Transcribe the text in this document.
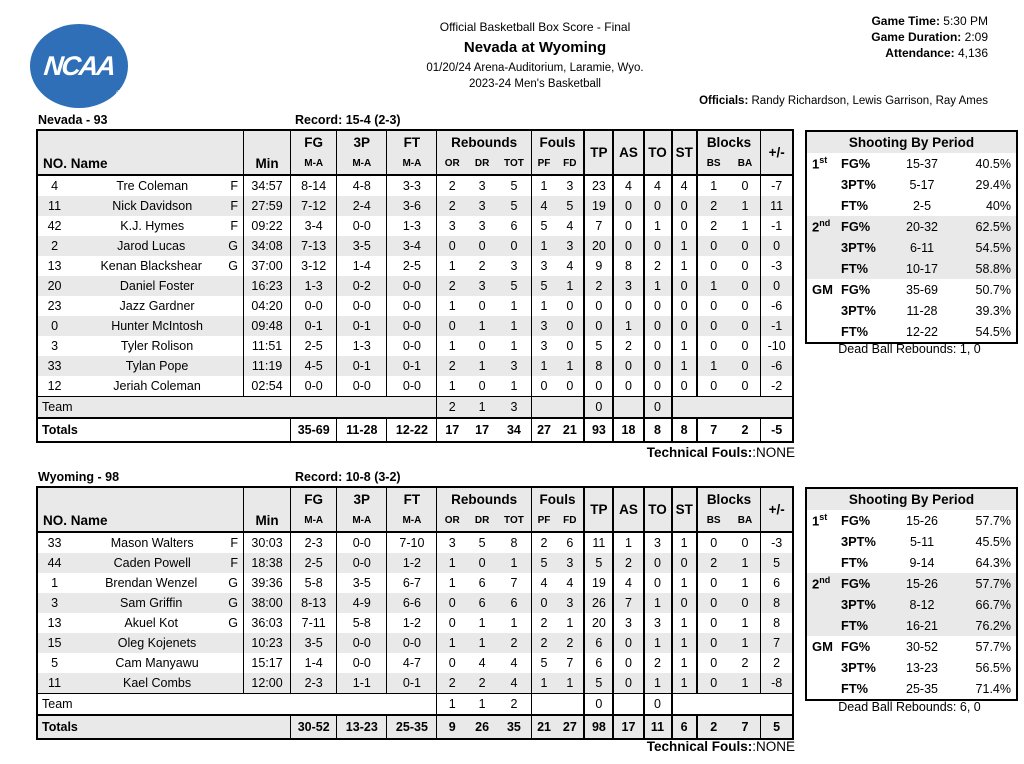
NCAA
®
Official Basketball Box Score - Final
Nevada at Wyoming
01/20/24 Arena-Auditorium, Laramie, Wyo.
2023-24 Men's Basketball
Game Time: 5:30 PM
Game Duration: 2:09
Attendance: 4,136
Officials: Randy Richardson, Lewis Garrison, Ray Ames
Nevada - 93	Record: 15-4 (2-3)
NO. Name		Min	FG	3P	FT	Rebounds			Fouls		TP	AS	TO	ST	Blocks		+/-
			M-A	M-A	M-A	OR	DR	TOT	PF	FD					BS	BA	
4	Tre Coleman F	34:57	8-14	4-8	3-3	2	3	5	1	3	23	4	4	4	1	0	-7
11	Nick Davidson F	27:59	7-12	2-4	3-6	2	3	5	4	5	19	0	0	0	2	1	11
42	K.J. Hymes F	09:22	3-4	0-0	1-3	3	3	6	5	4	7	0	1	0	2	1	-1
2	Jarod Lucas G	34:08	7-13	3-5	3-4	0	0	0	1	3	20	0	0	1	0	0	0
13	Kenan Blackshear G	37:00	3-12	1-4	2-5	1	2	3	3	4	9	8	2	1	0	0	-3
20	Daniel Foster	16:23	1-3	0-2	0-0	2	3	5	5	1	2	3	1	0	1	0	0
23	Jazz Gardner	04:20	0-0	0-0	0-0	1	0	1	1	0	0	0	0	0	0	0	-6
0	Hunter McIntosh	09:48	0-1	0-1	0-0	0	1	1	3	0	0	1	0	0	0	0	-1
3	Tyler Rolison	11:51	2-5	1-3	0-0	1	0	1	3	0	5	2	0	1	0	0	-10
33	Tylan Pope	11:19	4-5	0-1	0-1	2	1	3	1	1	8	0	0	1	1	0	-6
12	Jeriah Coleman	02:54	0-0	0-0	0-0	1	0	1	0	0	0	0	0	0	0	0	-2
Team						2	1	3			0		0				
Totals			35-69	11-28	12-22	17	17	34	27	21	93	18	8	8	7	2	-5
Shooting By Period
1st	FG%	15-37	40.5%
3PT%	5-17	29.4%
FT%	2-5	40%
2nd FG%	20-32	62.5%
3PT%	6-11	54.5%
FT%	10-17	58.8%
GM FG%	35-69	50.7%
3PT%	11-28	39.3%
FT%	12-22	54.5%
Dead Ball Rebounds: 1, 0
Technical Fouls::NONE
Wyoming - 98	Record: 10-8 (3-2)
NO. Name		Min	FG	3P	FT	Rebounds			Fouls		TP	AS	TO	ST	Blocks		+/-
			M-A	M-A	M-A	OR	DR	TOT	PF	FD					BS	BA	
33	Mason Walters F	30:03	2-3	0-0	7-10	3	5	8	2	6	11	1	3	1	0	0	-3
44	Caden Powell F	18:38	2-5	0-0	1-2	1	0	1	5	3	5	2	0	0	2	1	5
1	Brendan Wenzel G	39:36	5-8	3-5	6-7	1	6	7	4	4	19	4	0	1	0	1	6
3	Sam Griffin G	38:00	8-13	4-9	6-6	0	6	6	0	3	26	7	1	0	0	0	8
13	Akuel Kot G	36:03	7-11	5-8	1-2	0	1	1	2	1	20	3	3	1	0	1	8
15	Oleg Kojenets	10:23	3-5	0-0	0-0	1	1	2	2	2	6	0	1	1	0	1	7
5	Cam Manyawu	15:17	1-4	0-0	4-7	0	4	4	5	7	6	0	2	1	0	2	2
11	Kael Combs	12:00	2-3	1-1	0-1	2	2	4	1	1	5	0	1	1	0	1	-8
Team						1	1	2			0		0				
Totals			30-52	13-23	25-35	9	26	35	21	27	98	17	11	6	2	7	5
Shooting By Period
1st	FG%	15-26	57.7%
3PT%	5-11	45.5%
FT%	9-14	64.3%
2nd FG%	15-26	57.7%
3PT%	8-12	66.7%
FT%	16-21	76.2%
GM FG%	30-52	57.7%
3PT%	13-23	56.5%
FT%	25-35	71.4%
Dead Ball Rebounds: 6, 0
Technical Fouls::NONE
